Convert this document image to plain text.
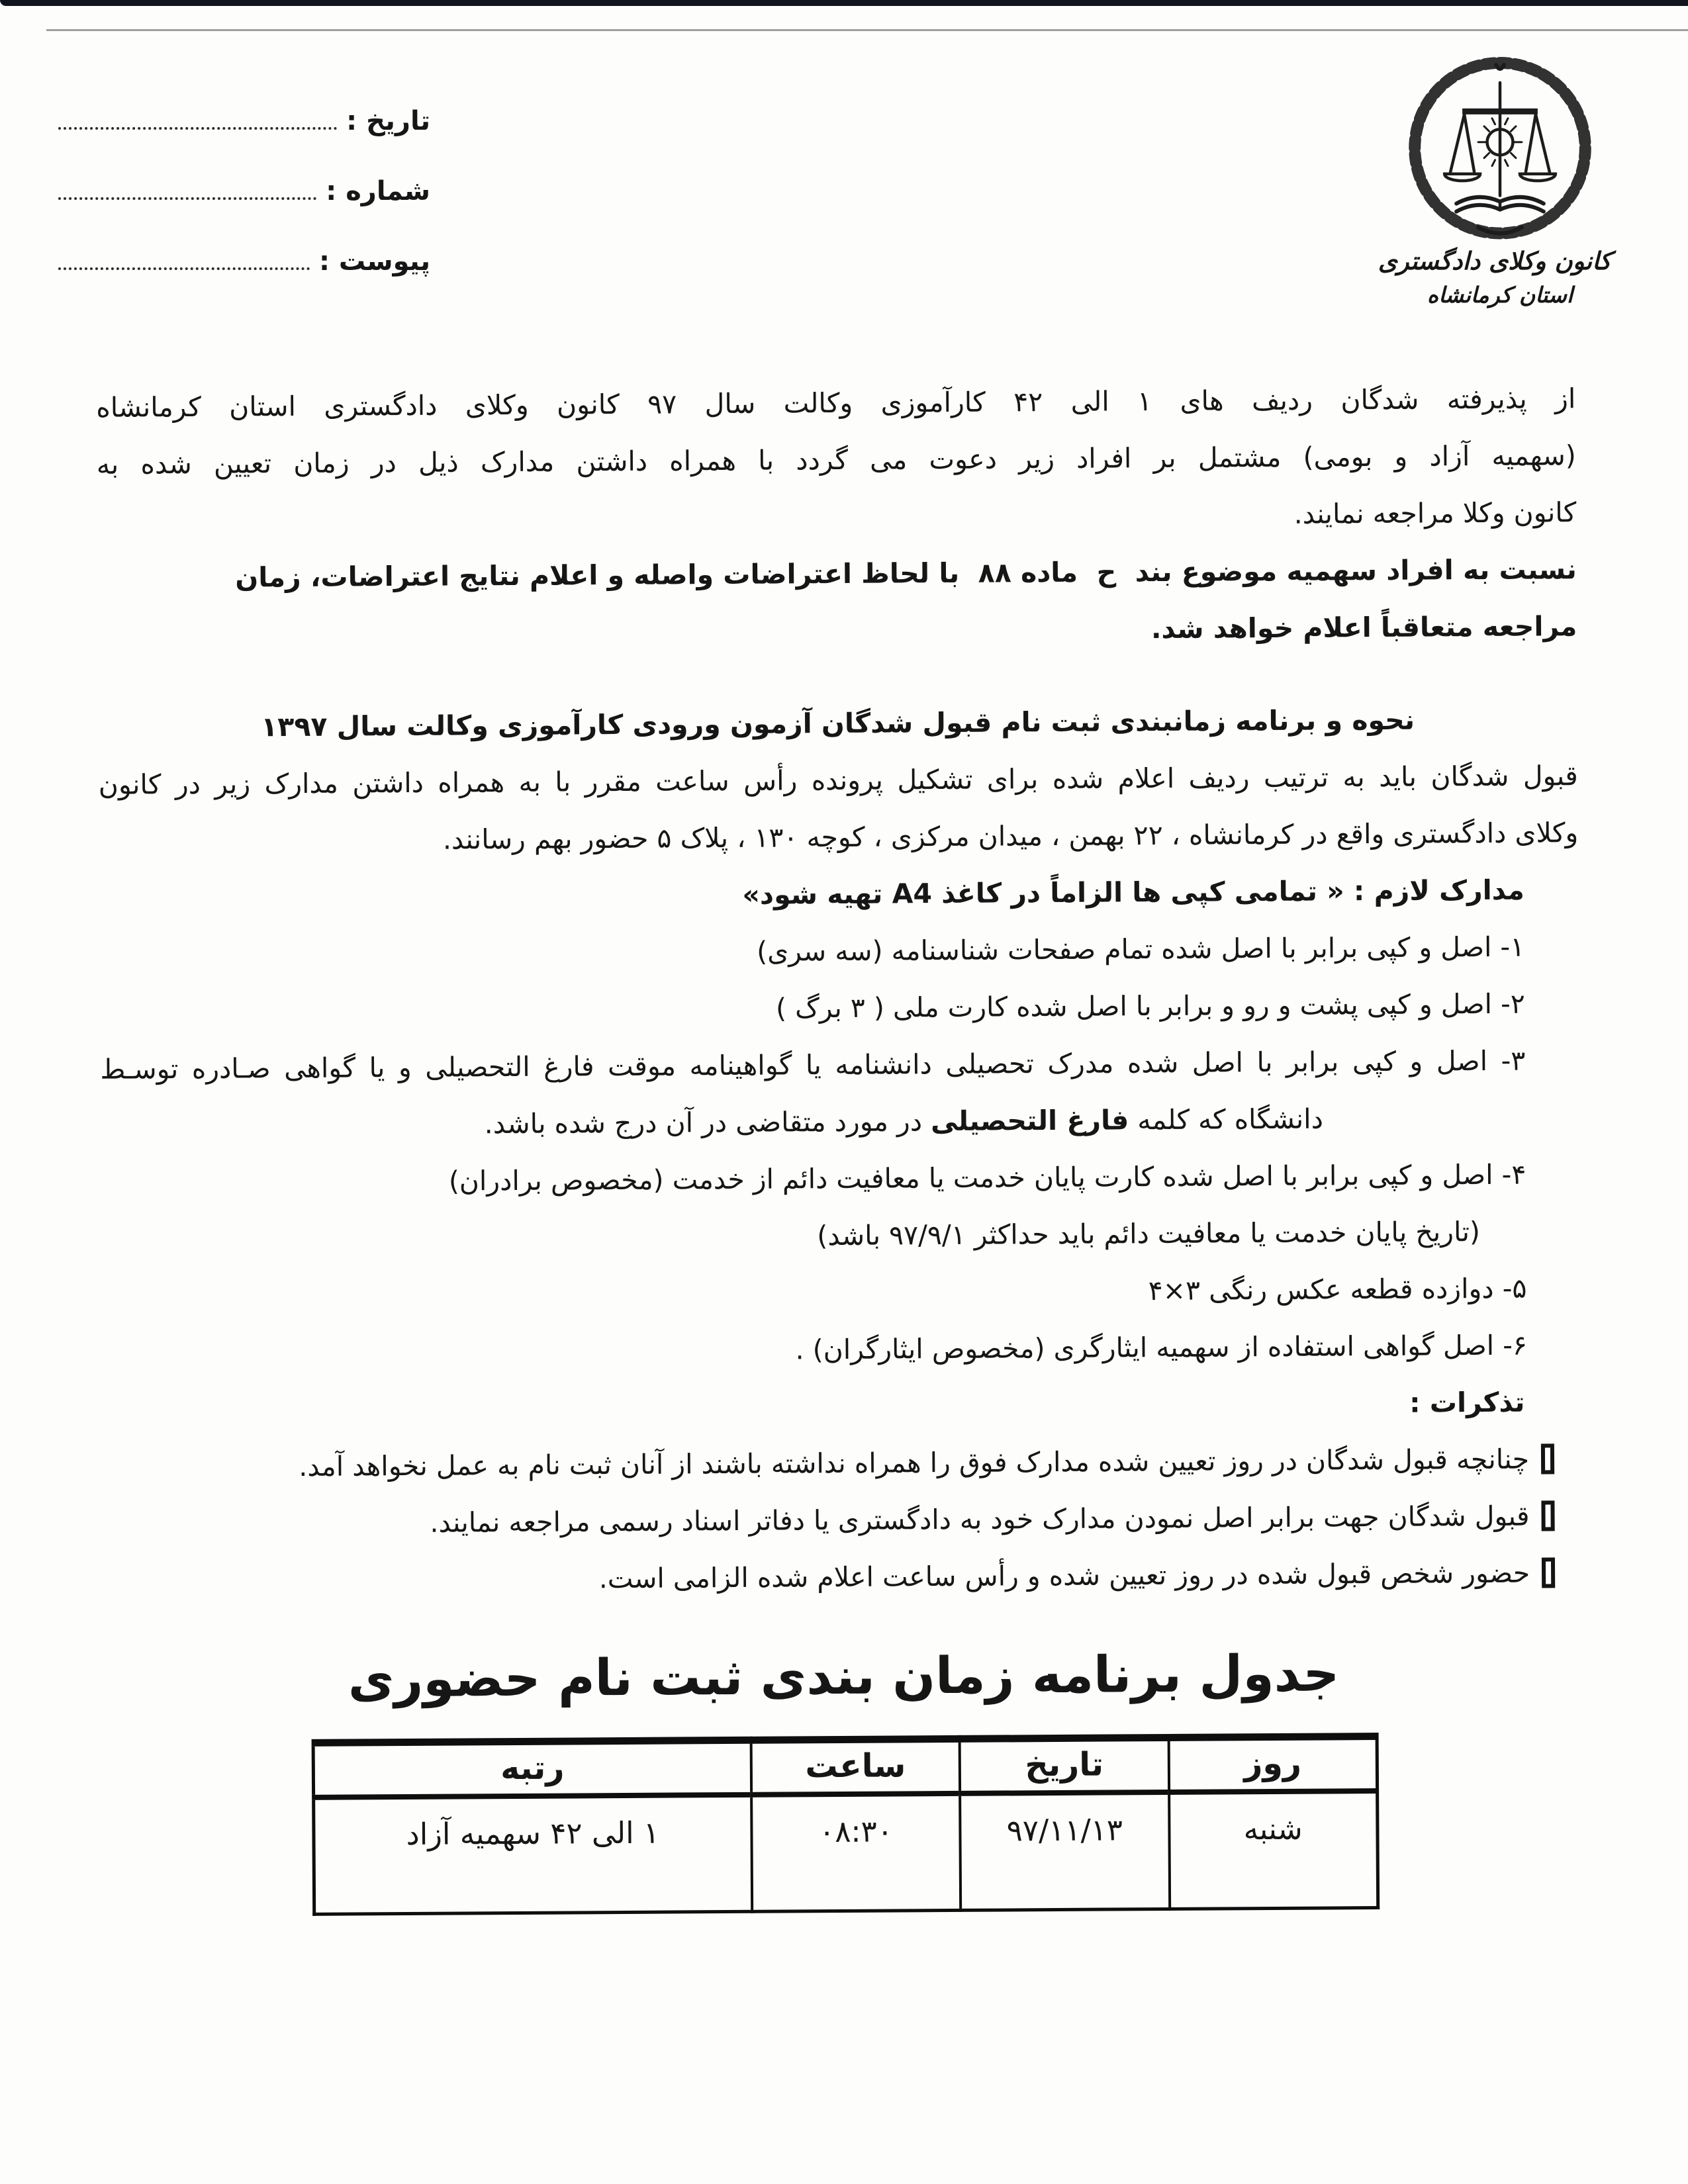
تاریخ :
شماره :
پیوست :	کانون وکلای دادگستری
استان کرمانشاه
از پذیرفته شدگان ردیف های ۱ الی ۴۲ کارآموزی وکالت سال ۹۷ کانون وکلای دادگستری استان کرمانشاه
(سهمیه آزاد و بومی) مشتمل بر افراد زیر دعوت می گردد با همراه داشتن مدارک ذیل در زمان تعیین شده به
کانون وکلا مراجعه نمایند.
نسبت به افراد سهمیه موضوع بند  ح  ماده ۸۸  با لحاظ اعتراضات واصله و اعلام نتایج اعتراضات، زمان
مراجعه متعاقباً اعلام خواهد شد.
نحوه و برنامه زمانبندی ثبت نام قبول شدگان آزمون ورودی کارآموزی وکالت سال ۱۳۹۷
قبول شدگان باید به ترتیب ردیف اعلام شده برای تشکیل پرونده رأس ساعت مقرر با به همراه داشتن مدارک زیر در کانون
وکلای دادگستری واقع در کرمانشاه ، ۲۲ بهمن ، میدان مرکزی ، کوچه ۱۳۰ ، پلاک ۵ حضور بهم رسانند.
مدارک لازم : « تمامی کپی ها الزاماً در کاغذ A4 تهیه شود»
۱- اصل و کپی برابر با اصل شده تمام صفحات شناسنامه (سه سری)
۲- اصل و کپی پشت و رو و برابر با اصل شده کارت ملی ( ۳ برگ )
۳- اصل و کپی برابر با اصل شده مدرک تحصیلی دانشنامه یا گواهینامه موقت فارغ التحصیلی و یا گواهی صـادره توسـط
دانشگاه که کلمه فارغ التحصیلی در مورد متقاضی در آن درج شده باشد.
۴- اصل و کپی برابر با اصل شده کارت پایان خدمت یا معافیت دائم از خدمت (مخصوص برادران)
(تاریخ پایان خدمت یا معافیت دائم باید حداکثر ۹۷/۹/۱ باشد)
۵- دوازده قطعه عکس رنگی ۳×۴
۶- اصل گواهی استفاده از سهمیه ایثارگری (مخصوص ایثارگران) .
تذکرات :
چنانچه قبول شدگان در روز تعیین شده مدارک فوق را همراه نداشته باشند از آنان ثبت نام به عمل نخواهد آمد.
قبول شدگان جهت برابر اصل نمودن مدارک خود به دادگستری یا دفاتر اسناد رسمی مراجعه نمایند.
حضور شخص قبول شده در روز تعیین شده و رأس ساعت اعلام شده الزامی است.
جدول برنامه زمان بندی ثبت نام حضوری
روز	تاریخ	ساعت	رتبه
شنبه	۹۷/۱۱/۱۳	۰۸:۳۰	۱ الی ۴۲ سهمیه آزاد
